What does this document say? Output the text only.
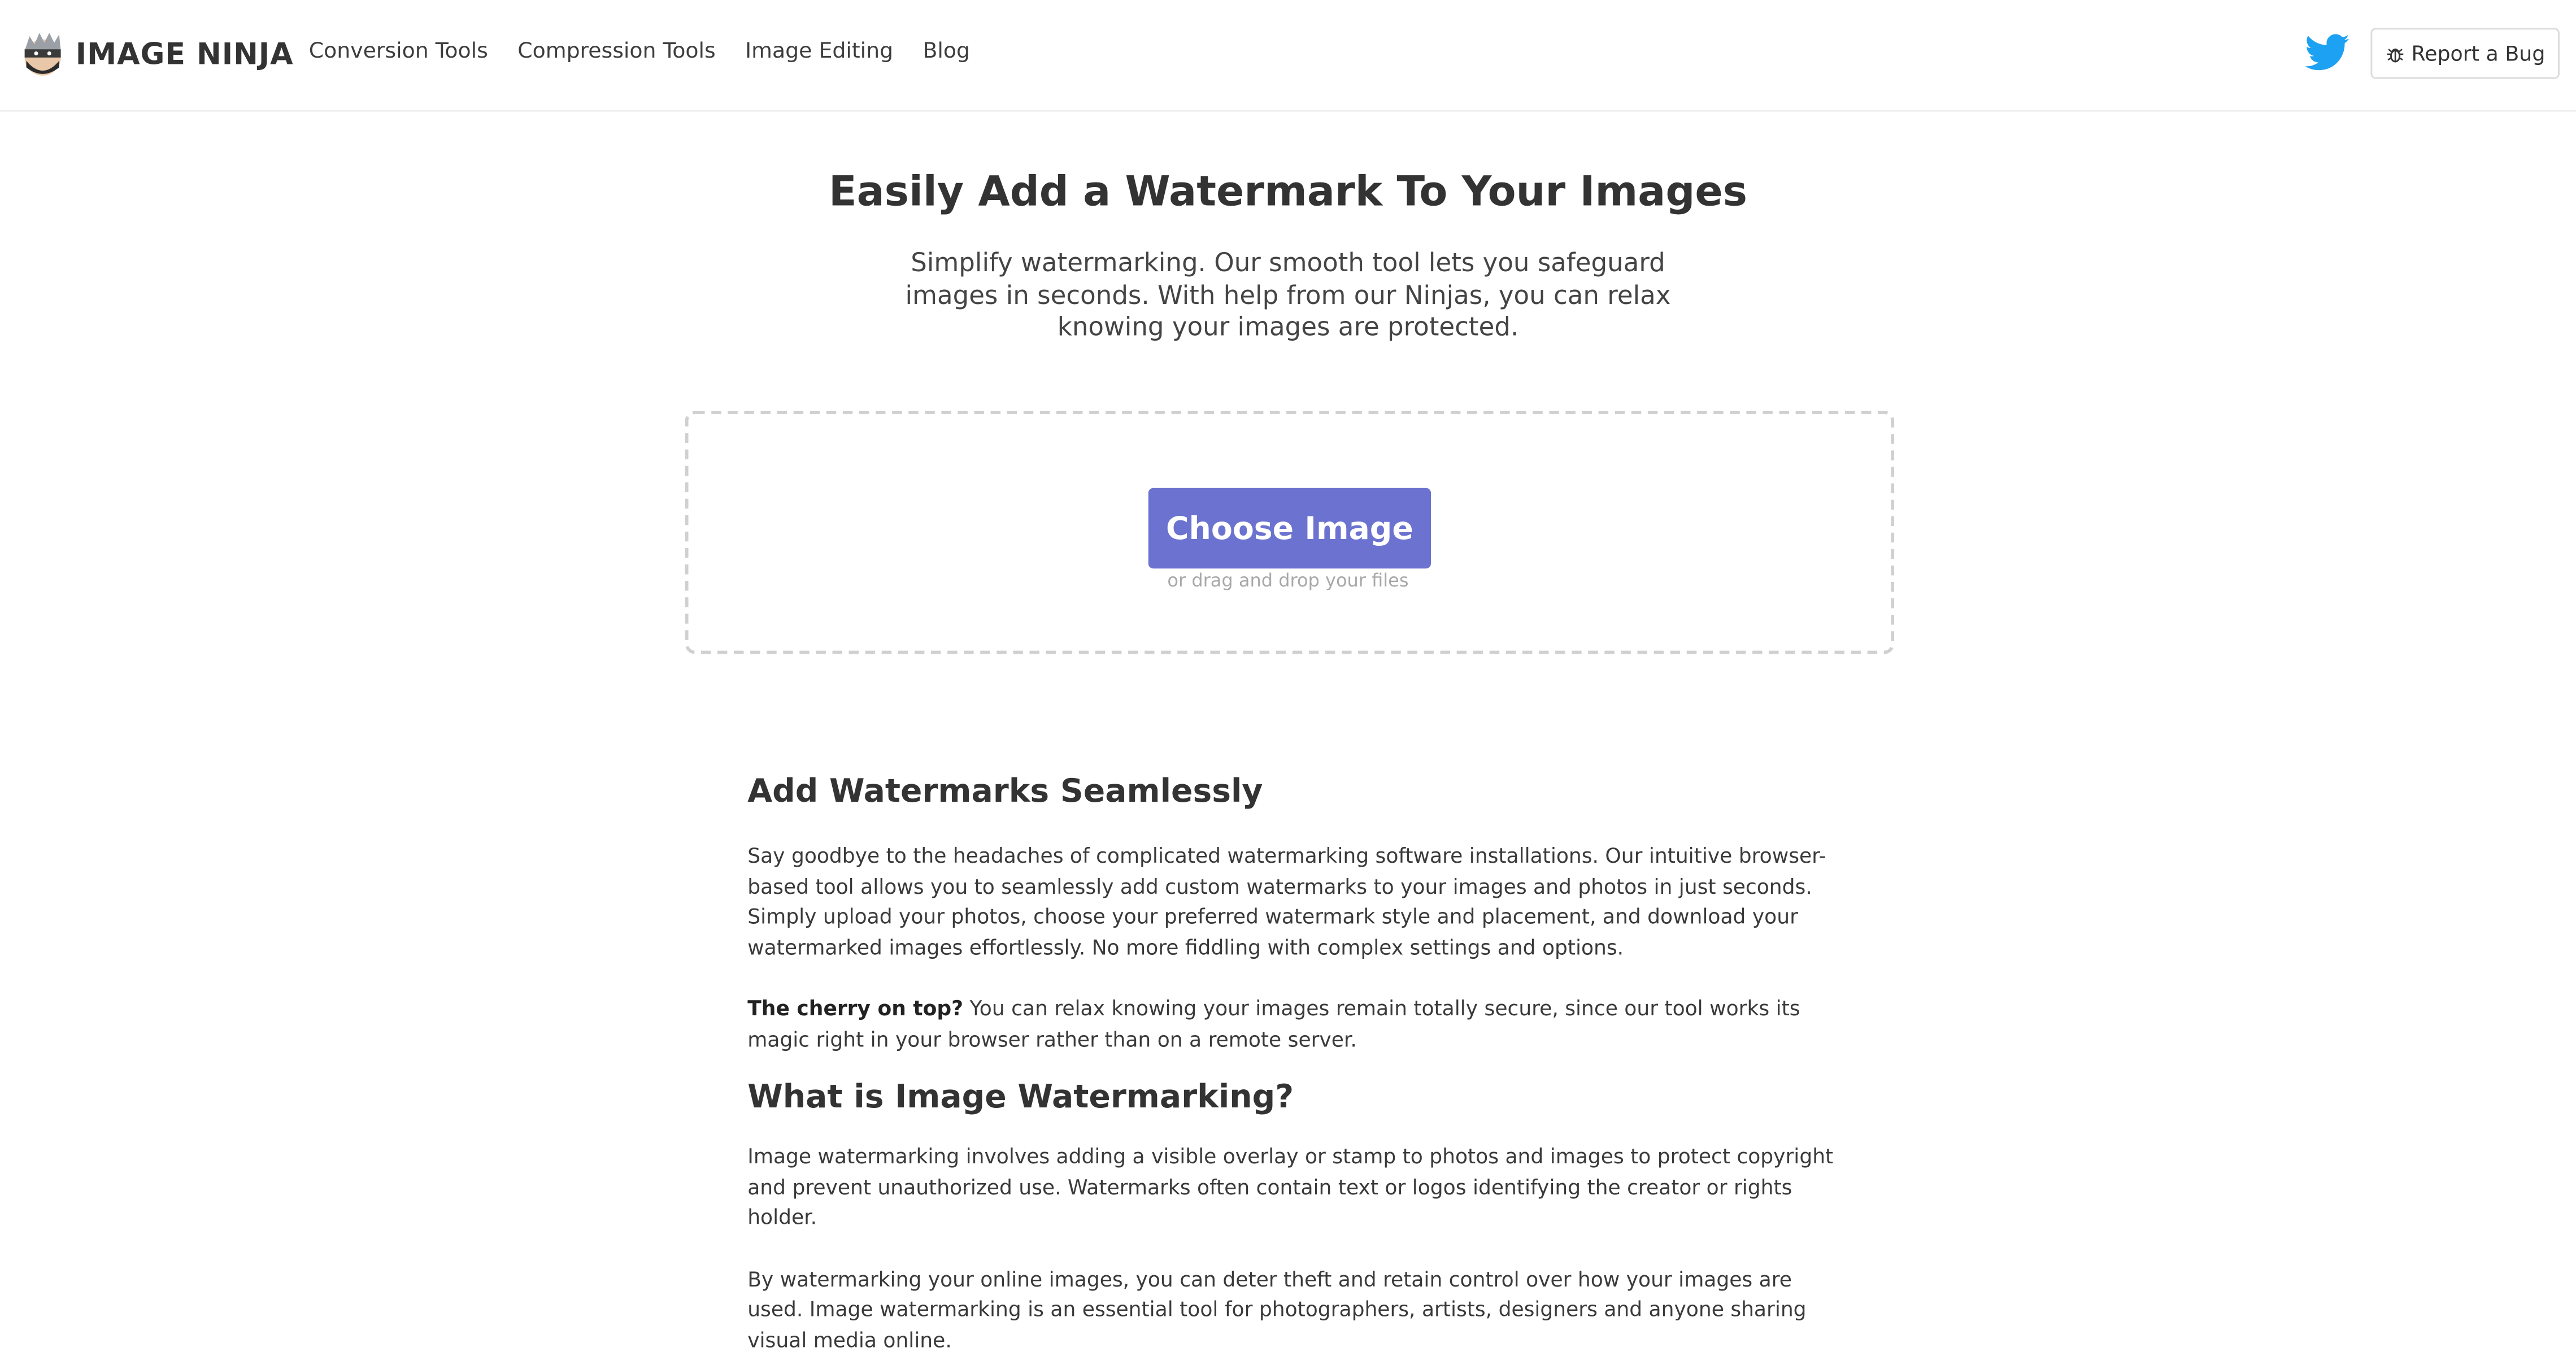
IMAGE NINJA Conversion Tools	Compression Tools	Image Editing	Blog	Report a Bug
Easily Add a Watermark To Your Images

Simplify watermarking. Our smooth tool lets you safeguard images in seconds. With help from our Ninjas, you can relax knowing your images are protected.

Choose Image
or drag and drop your files
Add Watermarks Seamlessly

Say goodbye to the headaches of complicated watermarking software installations. Our intuitive browser-based tool allows you to seamlessly add custom watermarks to your images and photos in just seconds. Simply upload your photos, choose your preferred watermark style and placement, and download your watermarked images effortlessly. No more fiddling with complex settings and options.

The cherry on top? You can relax knowing your images remain totally secure, since our tool works its magic right in your browser rather than on a remote server.

What is Image Watermarking?

Image watermarking involves adding a visible overlay or stamp to photos and images to protect copyright and prevent unauthorized use. Watermarks often contain text or logos identifying the creator or rights holder.

By watermarking your online images, you can deter theft and retain control over how your images are used. Image watermarking is an essential tool for photographers, artists, designers and anyone sharing visual media online.
